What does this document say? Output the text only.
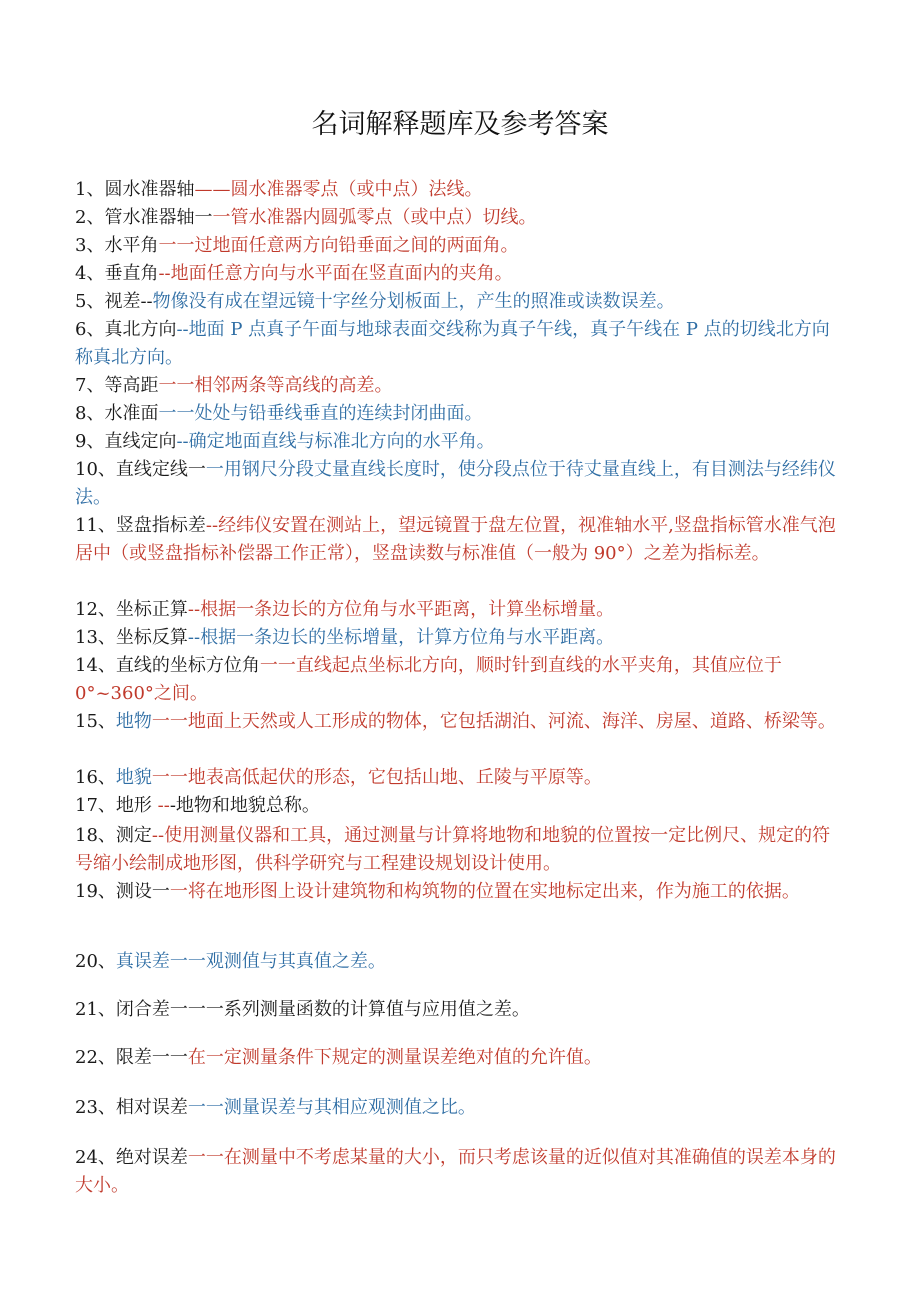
名词解释题库及参考答案
1、圆水准器轴——圆水准器零点（或中点）法线。
2、管水准器轴一一管水准器内圆弧零点（或中点）切线。
3、水平角一一过地面任意两方向铅垂面之间的两面角。
4、垂直角--地面任意方向与水平面在竖直面内的夹角。
5、视差--物像没有成在望远镜十字丝分划板面上，产生的照准或读数误差。
6、真北方向--地面 P 点真子午面与地球表面交线称为真子午线，真子午线在 P 点的切线北方向称真北方向。
7、等高距一一相邻两条等高线的高差。
8、水准面一一处处与铅垂线垂直的连续封闭曲面。
9、直线定向--确定地面直线与标准北方向的水平角。
10、直线定线一一用钢尺分段丈量直线长度时，使分段点位于待丈量直线上，有目测法与经纬仪法。
11、竖盘指标差--经纬仪安置在测站上，望远镜置于盘左位置，视准轴水平,竖盘指标管水准气泡居中（或竖盘指标补偿器工作正常），竖盘读数与标准值（一般为 90°）之差为指标差。
12、坐标正算--根据一条边长的方位角与水平距离，计算坐标增量。
13、坐标反算--根据一条边长的坐标增量，计算方位角与水平距离。
14、直线的坐标方位角一一直线起点坐标北方向，顺时针到直线的水平夹角，其值应位于 0°~360°之间。
15、地物一一地面上天然或人工形成的物体，它包括湖泊、河流、海洋、房屋、道路、桥梁等。
16、地貌一一地表高低起伏的形态，它包括山地、丘陵与平原等。
17、地形 ---地物和地貌总称。
18、测定--使用测量仪器和工具，通过测量与计算将地物和地貌的位置按一定比例尺、规定的符号缩小绘制成地形图，供科学研究与工程建设规划设计使用。
19、测设一一将在地形图上设计建筑物和构筑物的位置在实地标定出来，作为施工的依据。
20、真误差一一观测值与其真值之差。
21、闭合差一一一系列测量函数的计算值与应用值之差。
22、限差一一在一定测量条件下规定的测量误差绝对值的允许值。
23、相对误差一一测量误差与其相应观测值之比。
24、绝对误差一一在测量中不考虑某量的大小，而只考虑该量的近似值对其准确值的误差本身的大小。
